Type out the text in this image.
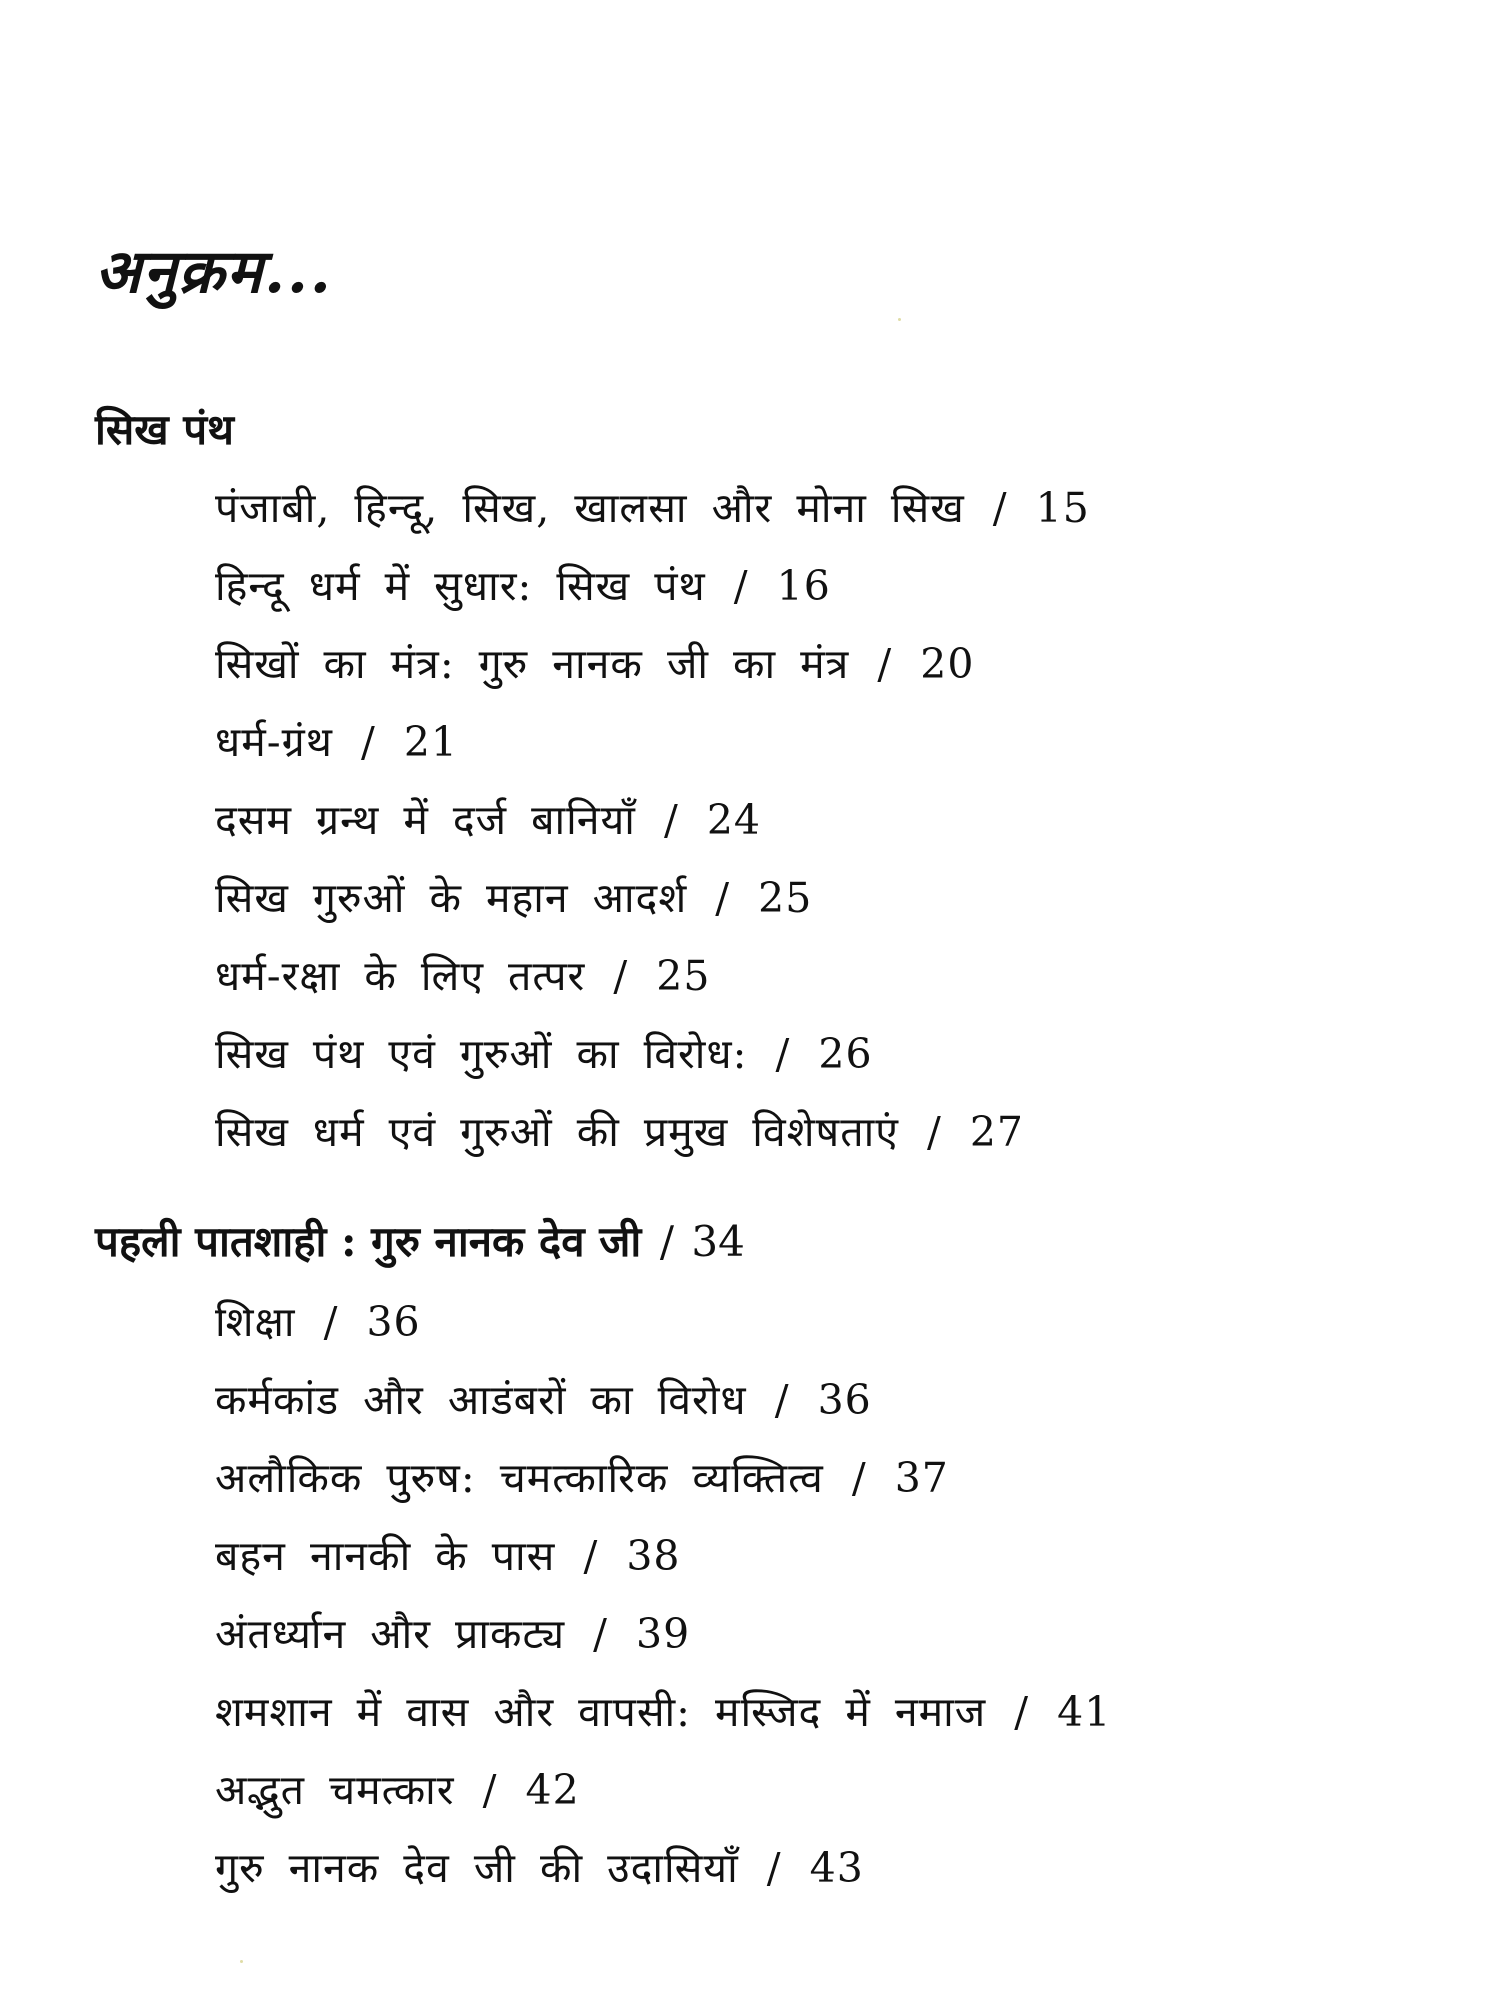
अनुक्रम...

सिख पंथ

पंजाबी, हिन्दू, सिख, खालसा और मोना सिख / 15

हिन्दू धर्म में सुधार: सिख पंथ / 16

सिखों का मंत्र: गुरु नानक जी का मंत्र / 20

धर्म-ग्रंथ / 21

दसम ग्रन्थ में दर्ज बानियाँ / 24

सिख गुरुओं के महान आदर्श / 25

धर्म-रक्षा के लिए तत्पर / 25

सिख पंथ एवं गुरुओं का विरोध: / 26

सिख धर्म एवं गुरुओं की प्रमुख विशेषताएं / 27

पहली पातशाही : गुरु नानक देव जी / 34

शिक्षा / 36

कर्मकांड और आडंबरों का विरोध / 36

अलौकिक पुरुष: चमत्कारिक व्यक्तित्व / 37

बहन नानकी के पास / 38

अंतर्ध्यान और प्राकट्य / 39

शमशान में वास और वापसी: मस्जिद में नमाज / 41

अद्भुत चमत्कार / 42

गुरु नानक देव जी की उदासियाँ / 43
